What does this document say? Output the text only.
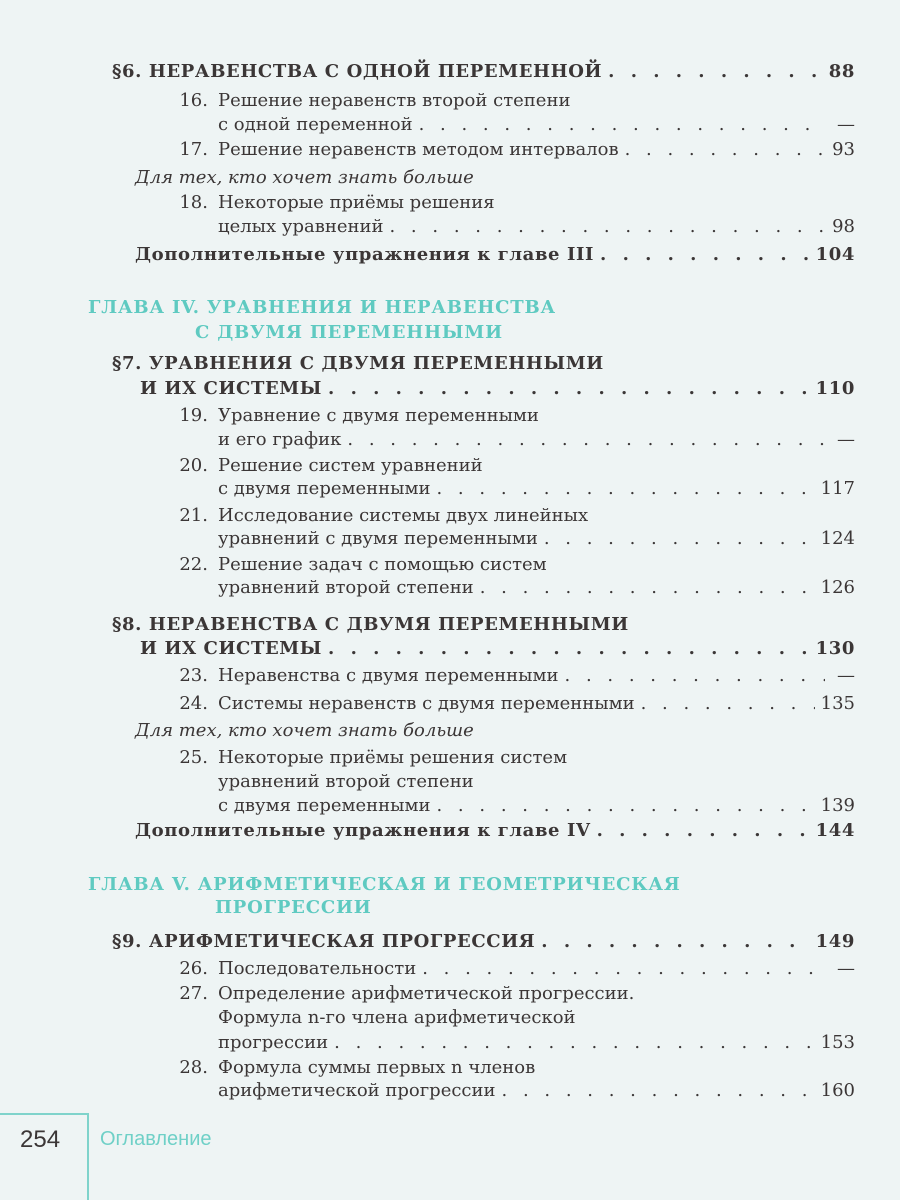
§6. НЕРАВЕНСТВА С ОДНОЙ ПЕРЕМЕННОЙ . . .	88
16. Решение неравенств второй степени
с одной переменной . . .	—
17. Решение неравенств методом интервалов . . .	93
Для тех, кто хочет знать больше
18. Некоторые приёмы решения
целых уравнений . . .	98
Дополнительные упражнения к главе III . . .	104
ГЛАВА IV. УРАВНЕНИЯ И НЕРАВЕНСТВА
С ДВУМЯ ПЕРЕМЕННЫМИ
§7. УРАВНЕНИЯ С ДВУМЯ ПЕРЕМЕННЫМИ
И ИХ СИСТЕМЫ . . .	110
19. Уравнение с двумя переменными
и его график . . .	—
20. Решение систем уравнений
с двумя переменными . . .	117
21. Исследование системы двух линейных
уравнений с двумя переменными . . .	124
22. Решение задач с помощью систем
уравнений второй степени . . .	126
§8. НЕРАВЕНСТВА С ДВУМЯ ПЕРЕМЕННЫМИ
И ИХ СИСТЕМЫ . . .	130
23. Неравенства с двумя переменными . . .	—
24. Системы неравенств с двумя переменными . . .	135
Для тех, кто хочет знать больше
25. Некоторые приёмы решения систем
уравнений второй степени
с двумя переменными . . .	139
Дополнительные упражнения к главе IV . . .	144
ГЛАВА V. АРИФМЕТИЧЕСКАЯ И ГЕОМЕТРИЧЕСКАЯ
ПРОГРЕССИИ
§9. АРИФМЕТИЧЕСКАЯ ПРОГРЕССИЯ . . .	149
26. Последовательности . . .	—
27. Определение арифметической прогрессии.
Формула n-го члена арифметической
прогрессии . . .	153
28. Формула суммы первых n членов
арифметической прогрессии . . .	160
254 Оглавление
